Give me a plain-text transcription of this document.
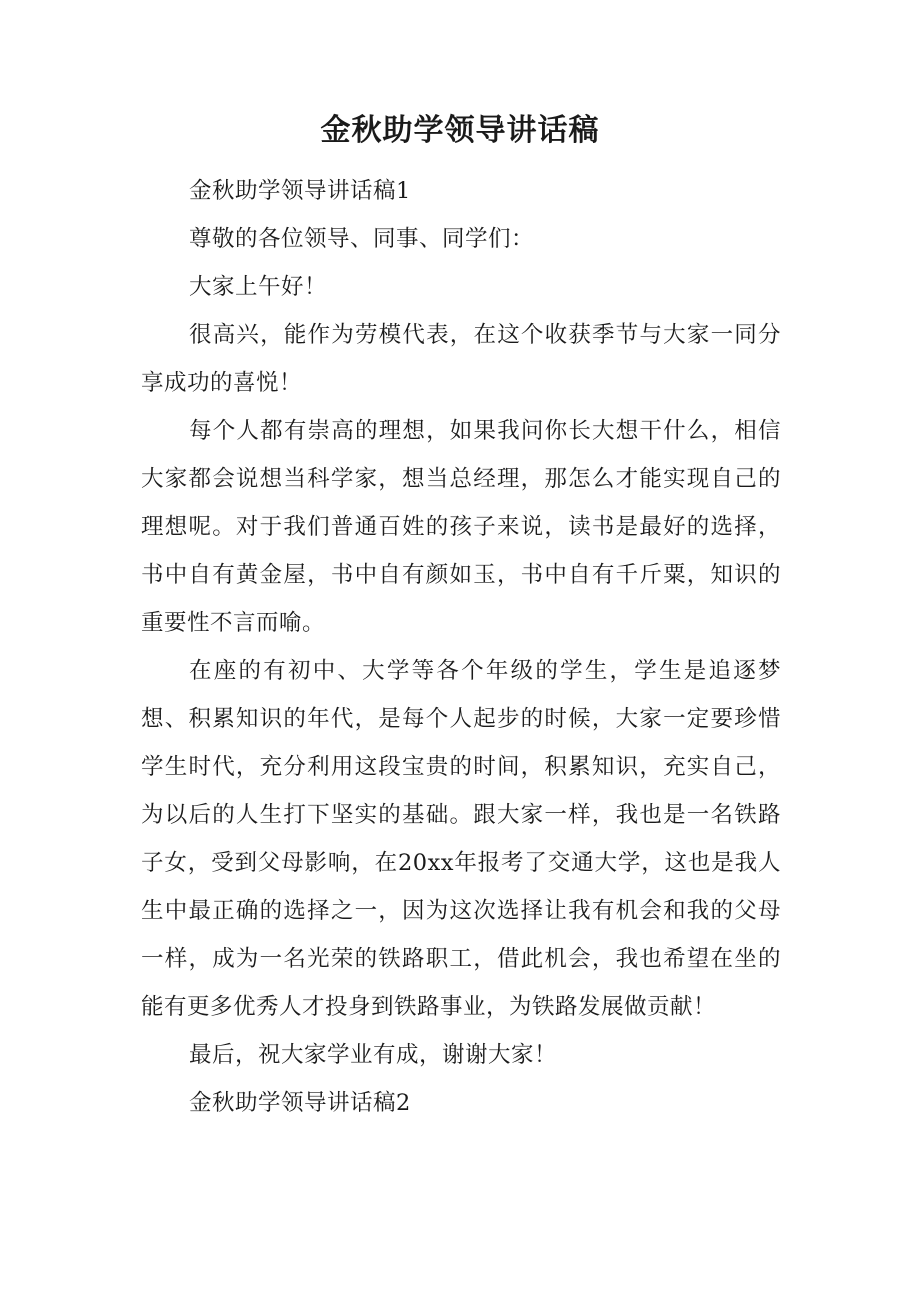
金秋助学领导讲话稿

金秋助学领导讲话稿1

尊敬的各位领导、同事、同学们：

大家上午好！

很高兴，能作为劳模代表，在这个收获季节与大家一同分享成功的喜悦！

每个人都有崇高的理想，如果我问你长大想干什么，相信大家都会说想当科学家，想当总经理，那怎么才能实现自己的理想呢。对于我们普通百姓的孩子来说，读书是最好的选择，书中自有黄金屋，书中自有颜如玉，书中自有千斤粟，知识的重要性不言而喻。

在座的有初中、大学等各个年级的学生，学生是追逐梦想、积累知识的年代，是每个人起步的时候，大家一定要珍惜学生时代，充分利用这段宝贵的时间，积累知识，充实自己，为以后的人生打下坚实的基础。跟大家一样，我也是一名铁路子女，受到父母影响，在20xx年报考了交通大学，这也是我人生中最正确的选择之一，因为这次选择让我有机会和我的父母一样，成为一名光荣的铁路职工，借此机会，我也希望在坐的能有更多优秀人才投身到铁路事业，为铁路发展做贡献！

最后，祝大家学业有成，谢谢大家！

金秋助学领导讲话稿2
